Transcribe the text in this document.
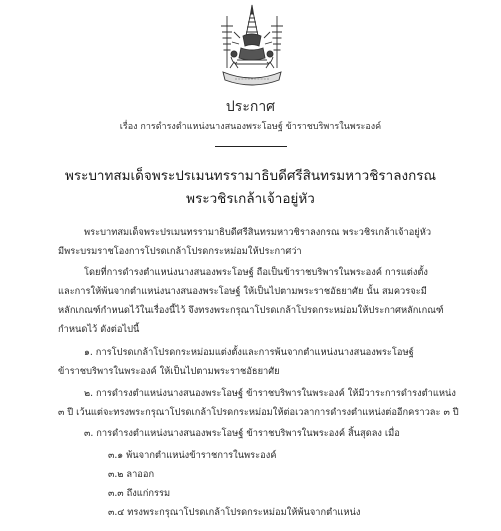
ประกาศ
เรื่อง การดำรงตำแหน่งนางสนองพระโอษฐ์ ข้าราชบริพารในพระองค์
พระบาทสมเด็จพระปรเมนทรรามาธิบดีศรีสินทรมหาวชิราลงกรณ
พระวชิรเกล้าเจ้าอยู่หัว
พระบาทสมเด็จพระปรเมนทรรามาธิบดีศรีสินทรมหาวชิราลงกรณ พระวชิรเกล้าเจ้าอยู่หัว
มีพระบรมราชโองการโปรดเกล้าโปรดกระหม่อมให้ประกาศว่า
โดยที่การดำรงตำแหน่งนางสนองพระโอษฐ์ ถือเป็นข้าราชบริพารในพระองค์ การแต่งตั้ง
และการให้พ้นจากตำแหน่งนางสนองพระโอษฐ์ ให้เป็นไปตามพระราชอัธยาศัย นั้น สมควรจะมี
หลักเกณฑ์กำหนดไว้ในเรื่องนี้ไว้ จึงทรงพระกรุณาโปรดเกล้าโปรดกระหม่อมให้ประกาศหลักเกณฑ์
กำหนดไว้ ดังต่อไปนี้
๑. การโปรดเกล้าโปรดกระหม่อมแต่งตั้งและการพ้นจากตำแหน่งนางสนองพระโอษฐ์
ข้าราชบริพารในพระองค์ ให้เป็นไปตามพระราชอัธยาศัย
๒. การดำรงตำแหน่งนางสนองพระโอษฐ์ ข้าราชบริพารในพระองค์ ให้มีวาระการดำรงตำแหน่ง
๓ ปี เว้นแต่จะทรงพระกรุณาโปรดเกล้าโปรดกระหม่อมให้ต่อเวลาการดำรงตำแหน่งต่ออีกคราวละ ๓ ปี
๓. การดำรงตำแหน่งนางสนองพระโอษฐ์ ข้าราชบริพารในพระองค์ สิ้นสุดลง เมื่อ
๓.๑ พ้นจากตำแหน่งข้าราชการในพระองค์
๓.๒ ลาออก
๓.๓ ถึงแก่กรรม
๓.๔ ทรงพระกรุณาโปรดเกล้าโปรดกระหม่อมให้พ้นจากตำแหน่ง
